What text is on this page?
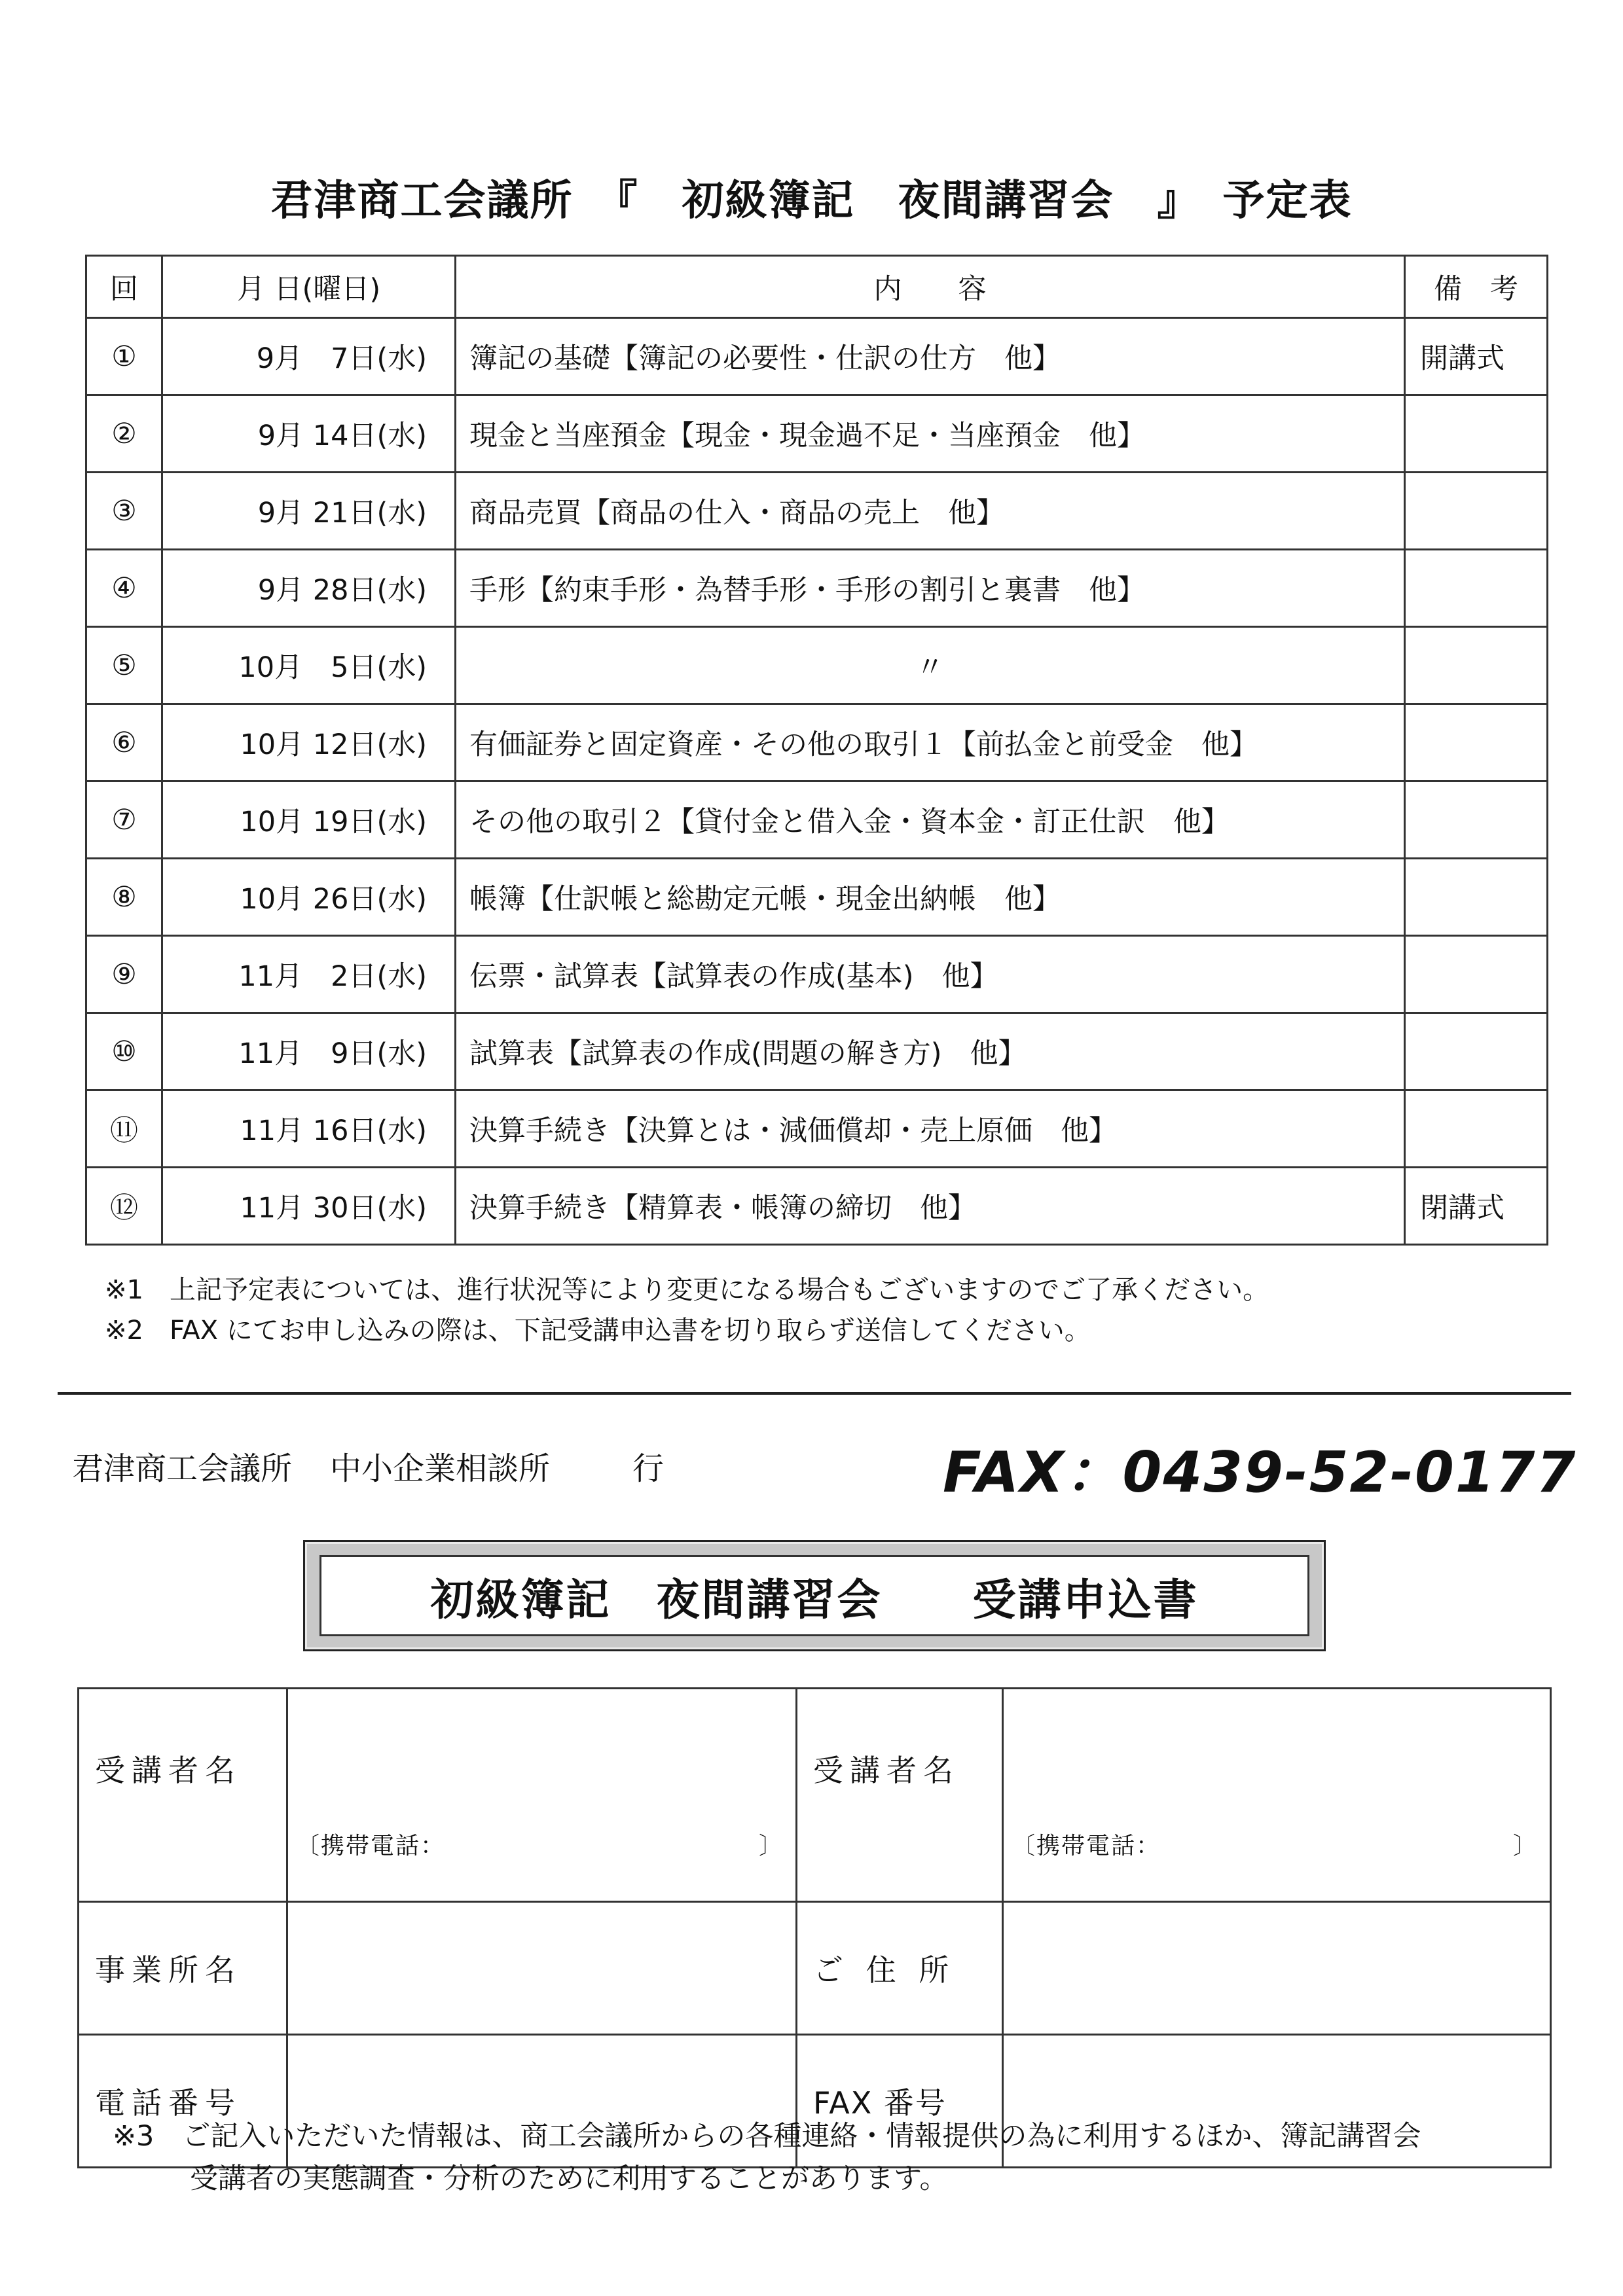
君津商工会議所　『　初級簿記　夜間講習会　』　予定表
回	月 日(曜日)	内　　容	備　考
①	9月　7日(水)	簿記の基礎【簿記の必要性・仕訳の仕方　他】	開講式
②	9月 14日(水)	現金と当座預金【現金・現金過不足・当座預金　他】	
③	9月 21日(水)	商品売買【商品の仕入・商品の売上　他】	
④	9月 28日(水)	手形【約束手形・為替手形・手形の割引と裏書　他】	
⑤	10月　5日(水)	〃	
⑥	10月 12日(水)	有価証券と固定資産・その他の取引１【前払金と前受金　他】	
⑦	10月 19日(水)	その他の取引２【貸付金と借入金・資本金・訂正仕訳　他】	
⑧	10月 26日(水)	帳簿【仕訳帳と総勘定元帳・現金出納帳　他】	
⑨	11月　2日(水)	伝票・試算表【試算表の作成(基本)　他】	
⑩	11月　9日(水)	試算表【試算表の作成(問題の解き方)　他】	
⑪	11月 16日(水)	決算手続き【決算とは・減価償却・売上原価　他】	
⑫	11月 30日(水)	決算手続き【精算表・帳簿の締切　他】	閉講式
※1　上記予定表については、進行状況等により変更になる場合もございますのでご了承ください。
※2　FAX にてお申し込みの際は、下記受講申込書を切り取らず送信してください。
君津商工会議所 中小企業相談所	行	FAX：0439-52-0177
初級簿記　夜間講習会　　受講申込書
受講者名	〔携帯電話： 〕	受講者名	〔携帯電話： 〕

事業所名		ご 住 所	
電話番号		FAX 番号	
※3　ご記入いただいた情報は、商工会議所からの各種連絡・情報提供の為に利用するほか、簿記講習会
受講者の実態調査・分析のために利用することがあります。
